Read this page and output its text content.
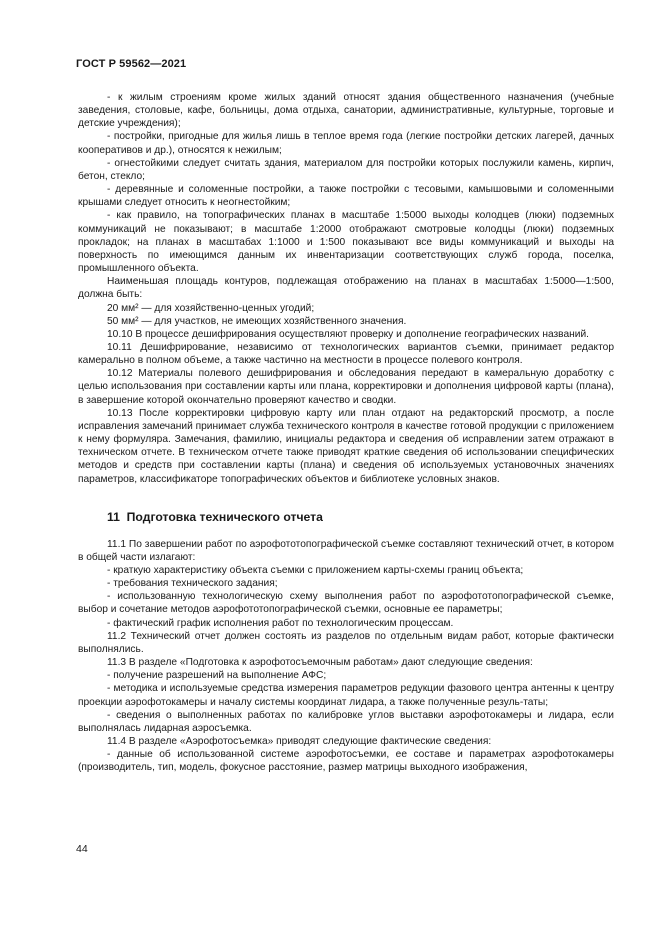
ГОСТ Р 59562—2021

- к жилым строениям кроме жилых зданий относят здания общественного назначения (учебные заведения, столовые, кафе, больницы, дома отдыха, санатории, административные, культурные, торговые и детские учреждения);

- постройки, пригодные для жилья лишь в теплое время года (легкие постройки детских лагерей, дачных кооперативов и др.), относятся к нежилым;

- огнестойкими следует считать здания, материалом для постройки которых послужили камень, кирпич, бетон, стекло;

- деревянные и соломенные постройки, а также постройки с тесовыми, камышовыми и соломенными крышами следует относить к неогнестойким;

- как правило, на топографических планах в масштабе 1:5000 выходы колодцев (люки) подземных коммуникаций не показывают; в масштабе 1:2000 отображают смотровые колодцы (люки) подземных прокладок; на планах в масштабах 1:1000 и 1:500 показывают все виды коммуникаций и выходы на поверхность по имеющимся данным их инвентаризации соответствующих служб города, поселка, промышленного объекта.

Наименьшая площадь контуров, подлежащая отображению на планах в масштабах 1:5000—1:500, должна быть:

20 мм² — для хозяйственно-ценных угодий;

50 мм² — для участков, не имеющих хозяйственного значения.

10.10 В процессе дешифрирования осуществляют проверку и дополнение географических названий.

10.11 Дешифрирование, независимо от технологических вариантов съемки, принимает редактор камерально в полном объеме, а также частично на местности в процессе полевого контроля.

10.12 Материалы полевого дешифрирования и обследования передают в камеральную доработку с целью использования при составлении карты или плана, корректировки и дополнения цифровой карты (плана), в завершение которой окончательно проверяют качество и сводки.

10.13 После корректировки цифровую карту или план отдают на редакторский просмотр, а после исправления замечаний принимает служба технического контроля в качестве готовой продукции с приложением к нему формуляра. Замечания, фамилию, инициалы редактора и сведения об исправлении затем отражают в техническом отчете. В техническом отчете также приводят краткие сведения об использовании специфических методов и средств при составлении карты (плана) и сведения об используемых установочных значениях параметров, классификаторе топографических объектов и библиотеке условных знаков.

11 Подготовка технического отчета

11.1 По завершении работ по аэрофототопографической съемке составляют технический отчет, в котором в общей части излагают:

- краткую характеристику объекта съемки с приложением карты-схемы границ объекта;

- требования технического задания;

- использованную технологическую схему выполнения работ по аэрофототопографической съемке, выбор и сочетание методов аэрофототопографической съемки, основные ее параметры;

- фактический график исполнения работ по технологическим процессам.

11.2 Технический отчет должен состоять из разделов по отдельным видам работ, которые фактически выполнялись.

11.3 В разделе «Подготовка к аэрофотосъемочным работам» дают следующие сведения:

- получение разрешений на выполнение АФС;

- методика и используемые средства измерения параметров редукции фазового центра антенны к центру проекции аэрофотокамеры и началу системы координат лидара, а также полученные резуль-таты;

- сведения о выполненных работах по калибровке углов выставки аэрофотокамеры и лидара, если выполнялась лидарная аэросъемка.

11.4 В разделе «Аэрофотосъемка» приводят следующие фактические сведения:

- данные об использованной системе аэрофотосъемки, ее составе и параметрах аэрофотокамеры (производитель, тип, модель, фокусное расстояние, размер матрицы выходного изображения,

44
